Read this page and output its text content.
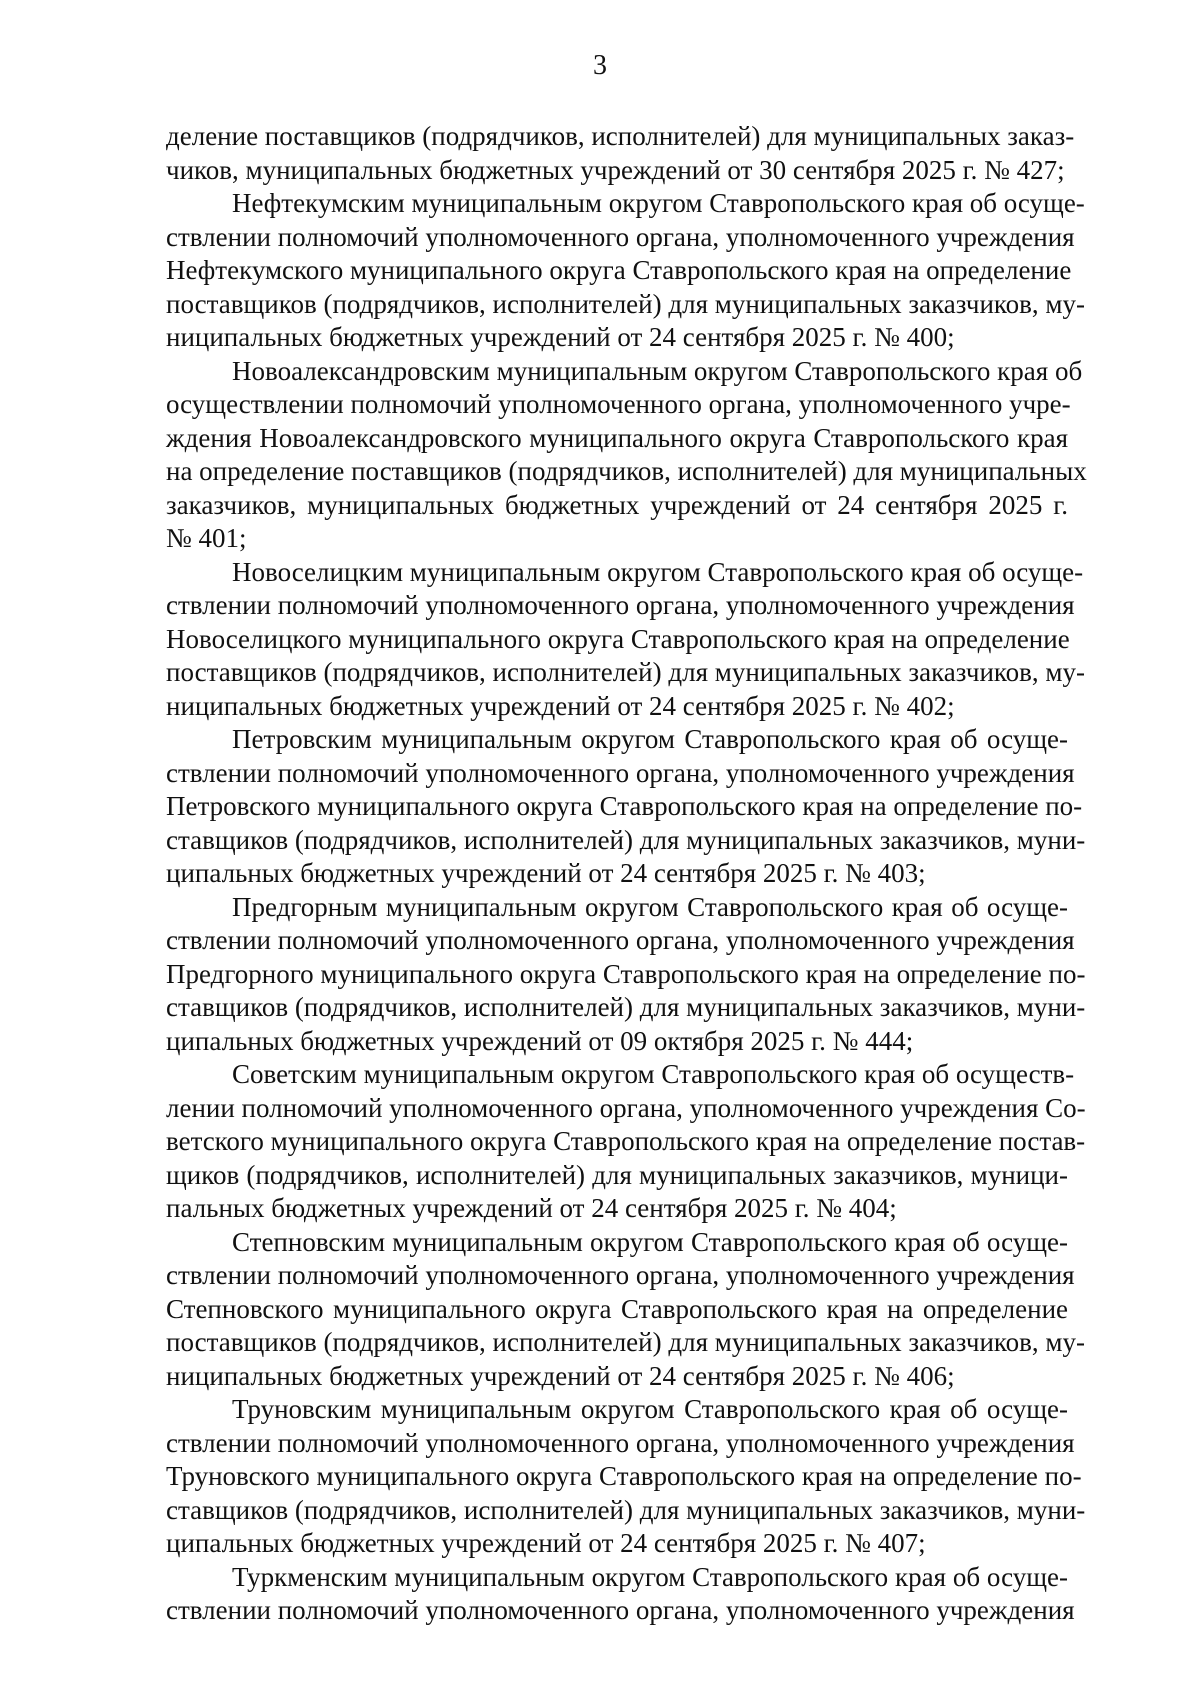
3

деление поставщиков (подрядчиков, исполнителей) для муниципальных заказ-
чиков, муниципальных бюджетных учреждений от 30 сентября 2025 г. № 427;

Нефтекумским муниципальным округом Ставропольского края об осуще-
ствлении полномочий уполномоченного органа, уполномоченного учреждения
Нефтекумского муниципального округа Ставропольского края на определение
поставщиков (подрядчиков, исполнителей) для муниципальных заказчиков, му-
ниципальных бюджетных учреждений от 24 сентября 2025 г. № 400;

Новоалександровским муниципальным округом Ставропольского края об
осуществлении полномочий уполномоченного органа, уполномоченного учре-
ждения Новоалександровского муниципального округа Ставропольского края
на определение поставщиков (подрядчиков, исполнителей) для муниципальных
заказчиков, муниципальных бюджетных учреждений от 24 сентября 2025 г.
№ 401;

Новоселицким муниципальным округом Ставропольского края об осуще-
ствлении полномочий уполномоченного органа, уполномоченного учреждения
Новоселицкого муниципального округа Ставропольского края на определение
поставщиков (подрядчиков, исполнителей) для муниципальных заказчиков, му-
ниципальных бюджетных учреждений от 24 сентября 2025 г. № 402;

Петровским муниципальным округом Ставропольского края об осуще-
ствлении полномочий уполномоченного органа, уполномоченного учреждения
Петровского муниципального округа Ставропольского края на определение по-
ставщиков (подрядчиков, исполнителей) для муниципальных заказчиков, муни-
ципальных бюджетных учреждений от 24 сентября 2025 г. № 403;

Предгорным муниципальным округом Ставропольского края об осуще-
ствлении полномочий уполномоченного органа, уполномоченного учреждения
Предгорного муниципального округа Ставропольского края на определение по-
ставщиков (подрядчиков, исполнителей) для муниципальных заказчиков, муни-
ципальных бюджетных учреждений от 09 октября 2025 г. № 444;

Советским муниципальным округом Ставропольского края об осуществ-
лении полномочий уполномоченного органа, уполномоченного учреждения Со-
ветского муниципального округа Ставропольского края на определение постав-
щиков (подрядчиков, исполнителей) для муниципальных заказчиков, муници-
пальных бюджетных учреждений от 24 сентября 2025 г. № 404;

Степновским муниципальным округом Ставропольского края об осуще-
ствлении полномочий уполномоченного органа, уполномоченного учреждения
Степновского муниципального округа Ставропольского края на определение
поставщиков (подрядчиков, исполнителей) для муниципальных заказчиков, му-
ниципальных бюджетных учреждений от 24 сентября 2025 г. № 406;

Труновским муниципальным округом Ставропольского края об осуще-
ствлении полномочий уполномоченного органа, уполномоченного учреждения
Труновского муниципального округа Ставропольского края на определение по-
ставщиков (подрядчиков, исполнителей) для муниципальных заказчиков, муни-
ципальных бюджетных учреждений от 24 сентября 2025 г. № 407;

Туркменским муниципальным округом Ставропольского края об осуще-
ствлении полномочий уполномоченного органа, уполномоченного учреждения
